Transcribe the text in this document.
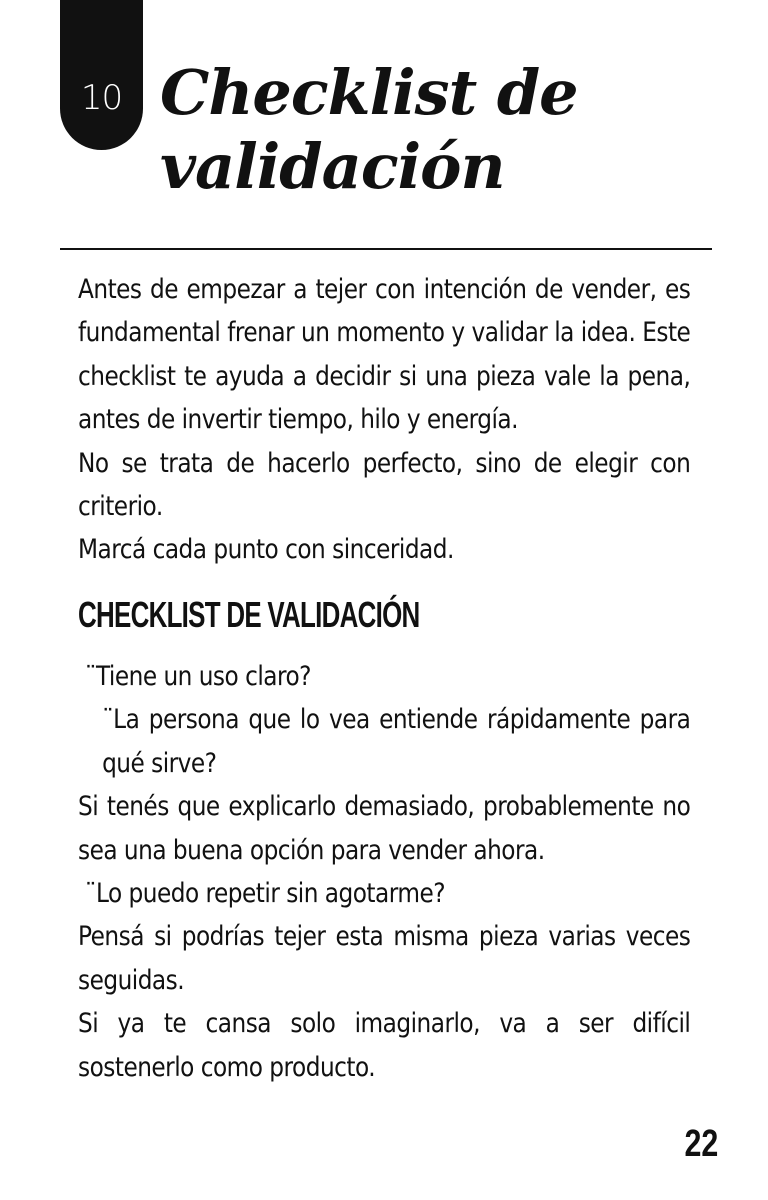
10 Checklist de
validación

Antes de empezar a tejer con intención de vender, es fundamental frenar un momento y validar la idea. Este checklist te ayuda a decidir si una pieza vale la pena, antes de invertir tiempo, hilo y energía.

No se trata de hacerlo perfecto, sino de elegir con criterio.

Marcá cada punto con sinceridad.

CHECKLIST DE VALIDACIÓN

¨Tiene un uso claro?

¨La persona que lo vea entiende rápidamente para qué sirve?

Si tenés que explicarlo demasiado, probablemente no sea una buena opción para vender ahora.

¨Lo puedo repetir sin agotarme?

Pensá si podrías tejer esta misma pieza varias veces seguidas.

Si ya te cansa solo imaginarlo, va a ser difícil sostenerlo como producto.

22
